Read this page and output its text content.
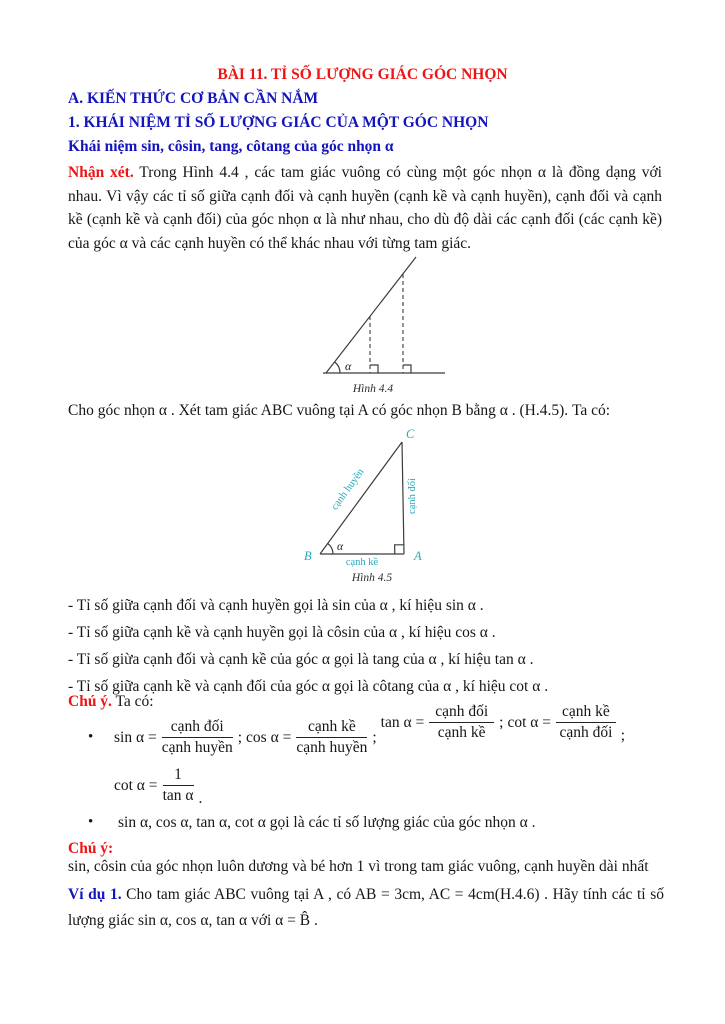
BÀI 11. TỈ SỐ LƯỢNG GIÁC GÓC NHỌN
A. KIẾN THỨC CƠ BẢN CẦN NẮM
1. KHÁI NIỆM TỈ SỐ LƯỢNG GIÁC CỦA MỘT GÓC NHỌN
Khái niệm sin, côsin, tang, côtang của góc nhọn α

Nhận xét. Trong Hình 4.4 , các tam giác vuông có cùng một góc nhọn α là đồng dạng với nhau. Vì vậy các tỉ số giữa cạnh đối và cạnh huyền (cạnh kề và cạnh huyền), cạnh đối và cạnh kề (cạnh kề và cạnh đối) của góc nhọn α là như nhau, cho dù độ dài các cạnh đối (các cạnh kề) của góc α và các cạnh huyền có thể khác nhau với từng tam giác.

α
Hình 4.4
Cho góc nhọn α . Xét tam giác ABC vuông tại A có góc nhọn B bằng α . (H.4.5). Ta có:
α
B	A
C
cạnh huyền	cạnh đối
cạnh kề
Hình 4.5
- Tỉ số giữa cạnh đối và cạnh huyền gọi là sin của α , kí hiệu sin α .
- Tỉ số giữa cạnh kề và cạnh huyền gọi là côsin của α , kí hiệu cos α .
- Tỉ số giừa cạnh đối và cạnh kề của góc α gọi là tang của α , kí hiệu tan α .
- Tỉ số giữa cạnh kề và cạnh đối của góc α gọi là côtang của α , kí hiệu cot α .
Chú ý. Ta có:
•	$\sin \alpha = \frac{\text{cạnh đối}}{\text{cạnh huyền}}$ ; $\cos \alpha = \frac{\text{cạnh kề}}{\text{cạnh huyền}}$ ;
$\tan \alpha = \frac{\text{cạnh đối}}{\text{cạnh kề}}$ ; $\cot \alpha = \frac{\text{cạnh kề}}{\text{cạnh đối}}$ ;
$\cot \alpha = \frac{1}{\text{tan α}}$ .
•	sin α, cos α, tan α, cot α gọi là các tỉ số lượng giác của góc nhọn α .
Chú ý:
sin, côsin của góc nhọn luôn dương và bé hơn 1 vì trong tam giác vuông, cạnh huyền dài nhất

Ví dụ 1. Cho tam giác ABC vuông tại A , có AB = 3cm, AC = 4cm(H.4.6) . Hãy tính các tỉ số lượng giác sin α, cos α, tan α với α = B̂ .
